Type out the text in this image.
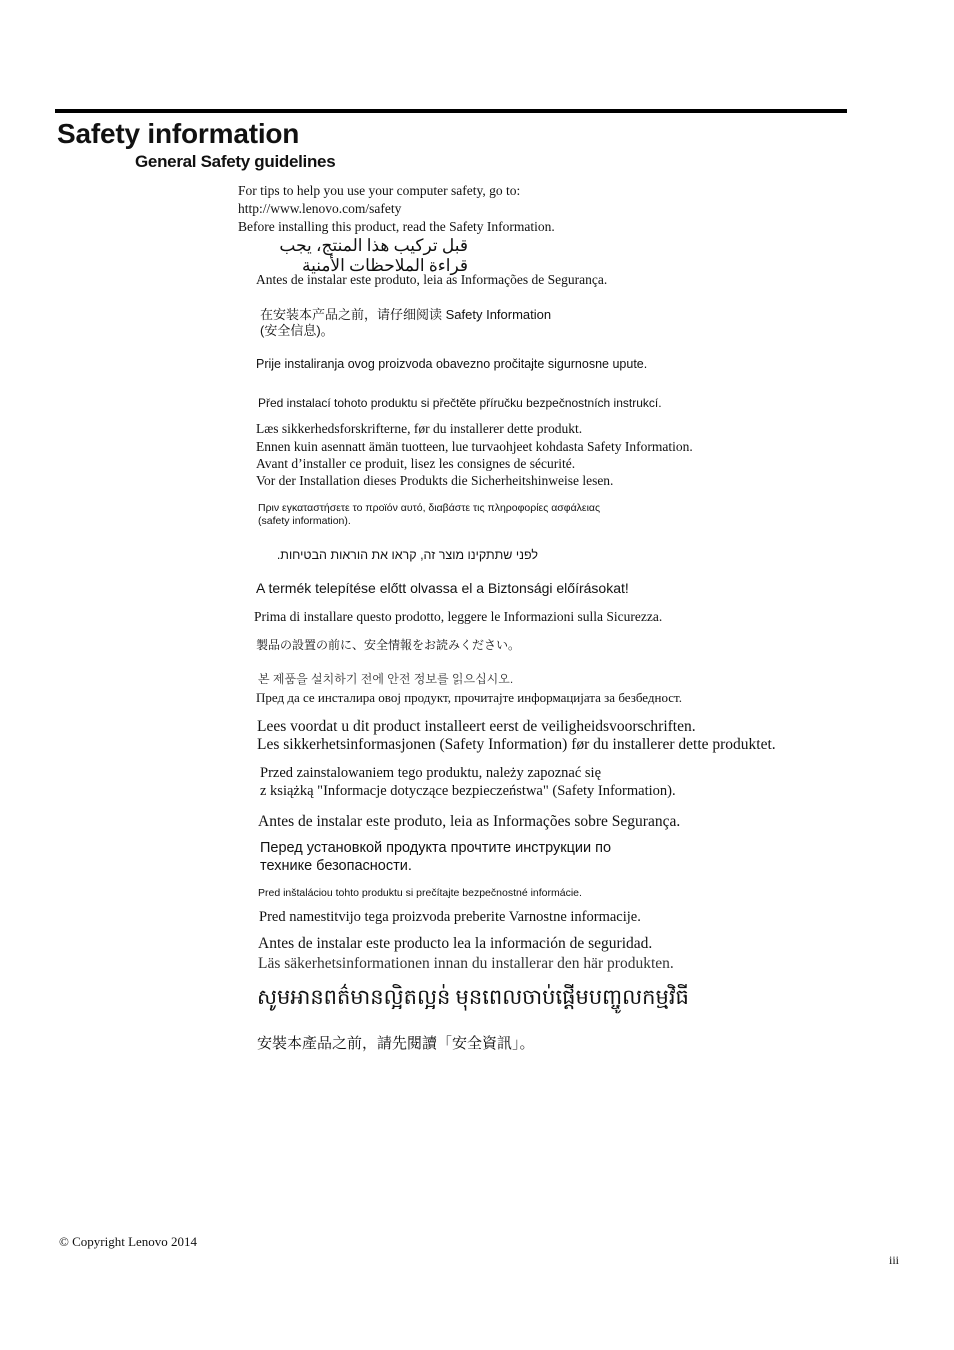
Safety information
General Safety guidelines
For tips to help you use your computer safety, go to:
http://www.lenovo.com/safety
Before installing this product, read the Safety Information.
قبل تركيب هذا المنتج، يجب قراءة الملاحظات الأمنية
Antes de instalar este produto, leia as Informações de Segurança.
在安装本产品之前，请仔细阅读 Safety Information
(安全信息)。
Prije instaliranja ovog proizvoda obavezno pročitajte sigurnosne upute.
Před instalací tohoto produktu si přečtěte příručku bezpečnostních instrukcí.
Læs sikkerhedsforskrifterne, før du installerer dette produkt.
Ennen kuin asennatt ämän tuotteen, lue turvaohjeet kohdasta Safety Information.
Avant d’installer ce produit, lisez les consignes de sécurité.
Vor der Installation dieses Produkts die Sicherheitshinweise lesen.
Πριν εγκαταστήσετε το προϊόν αυτό, διαβάστε τις πληροφορίες ασφάλειας
(safety information).
לפני שתתקינו מוצר זה, קראו את הוראות הבטיחות.
A termék telepítése előtt olvassa el a Biztonsági előírásokat!
Prima di installare questo prodotto, leggere le Informazioni sulla Sicurezza.
製品の設置の前に、安全情報をお読みください。
본 제품을 설치하기 전에 안전 정보를 읽으십시오.
Пред да се инсталира овој продукт, прочитајте информацијата за безбедност.
Lees voordat u dit product installeert eerst de veiligheidsvoorschriften.
Les sikkerhetsinformasjonen (Safety Information) før du installerer dette produktet.
Przed zainstalowaniem tego produktu, należy zapoznać się
z książką "Informacje dotyczące bezpieczeństwa" (Safety Information).
Antes de instalar este produto, leia as Informações sobre Segurança.
Перед установкой продукта прочтите инструкции по
технике безопасности.
Pred inštaláciou tohto produktu si prečítajte bezpečnostné informácie.
Pred namestitvijo tega proizvoda preberite Varnostne informacije.
Antes de instalar este producto lea la información de seguridad.
Läs säkerhetsinformationen innan du installerar den här produkten.
សូមអានពត៌មានល្អិតល្អន់ មុនពេលចាប់ផ្តើមបញ្ចូលកម្មវិធី
安裝本產品之前，請先閱讀「安全資訊」。
© Copyright Lenovo 2014
iii
